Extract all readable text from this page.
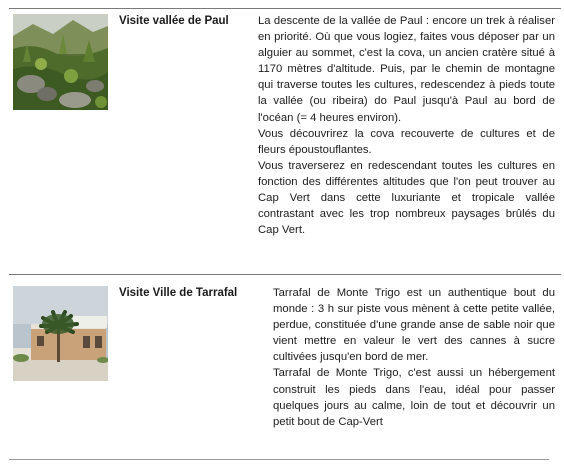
Visite vallée de Paul	La descente de la vallée de Paul : encore un trek à réaliser en priorité. Où que vous logiez, faites vous déposer par un alguier au sommet, c'est la cova, un ancien cratère situé à 1170 mètres d'altitude. Puis, par le chemin de montagne qui traverse toutes les cultures, redescendez à pieds toute la vallée (ou ribeira) do Paul jusqu'à Paul au bord de l'océan (= 4 heures environ).

Vous découvrirez la cova recouverte de cultures et de fleurs époustouflantes.

Vous traverserez en redescendant toutes les cultures en fonction des différentes altitudes que l'on peut trouver au Cap Vert dans cette luxuriante et tropicale vallée contrastant avec les trop nombreux paysages brûlés du Cap Vert.

Visite Ville de Tarrafal	Tarrafal de Monte Trigo est un authentique bout du monde : 3 h sur piste vous mènent à cette petite vallée, perdue, constituée d'une grande anse de sable noir que vient mettre en valeur le vert des cannes à sucre cultivées jusqu'en bord de mer.

Tarrafal de Monte Trigo, c'est aussi un hébergement construit les pieds dans l'eau, idéal pour passer quelques jours au calme, loin de tout et découvrir un petit bout de Cap-Vert
